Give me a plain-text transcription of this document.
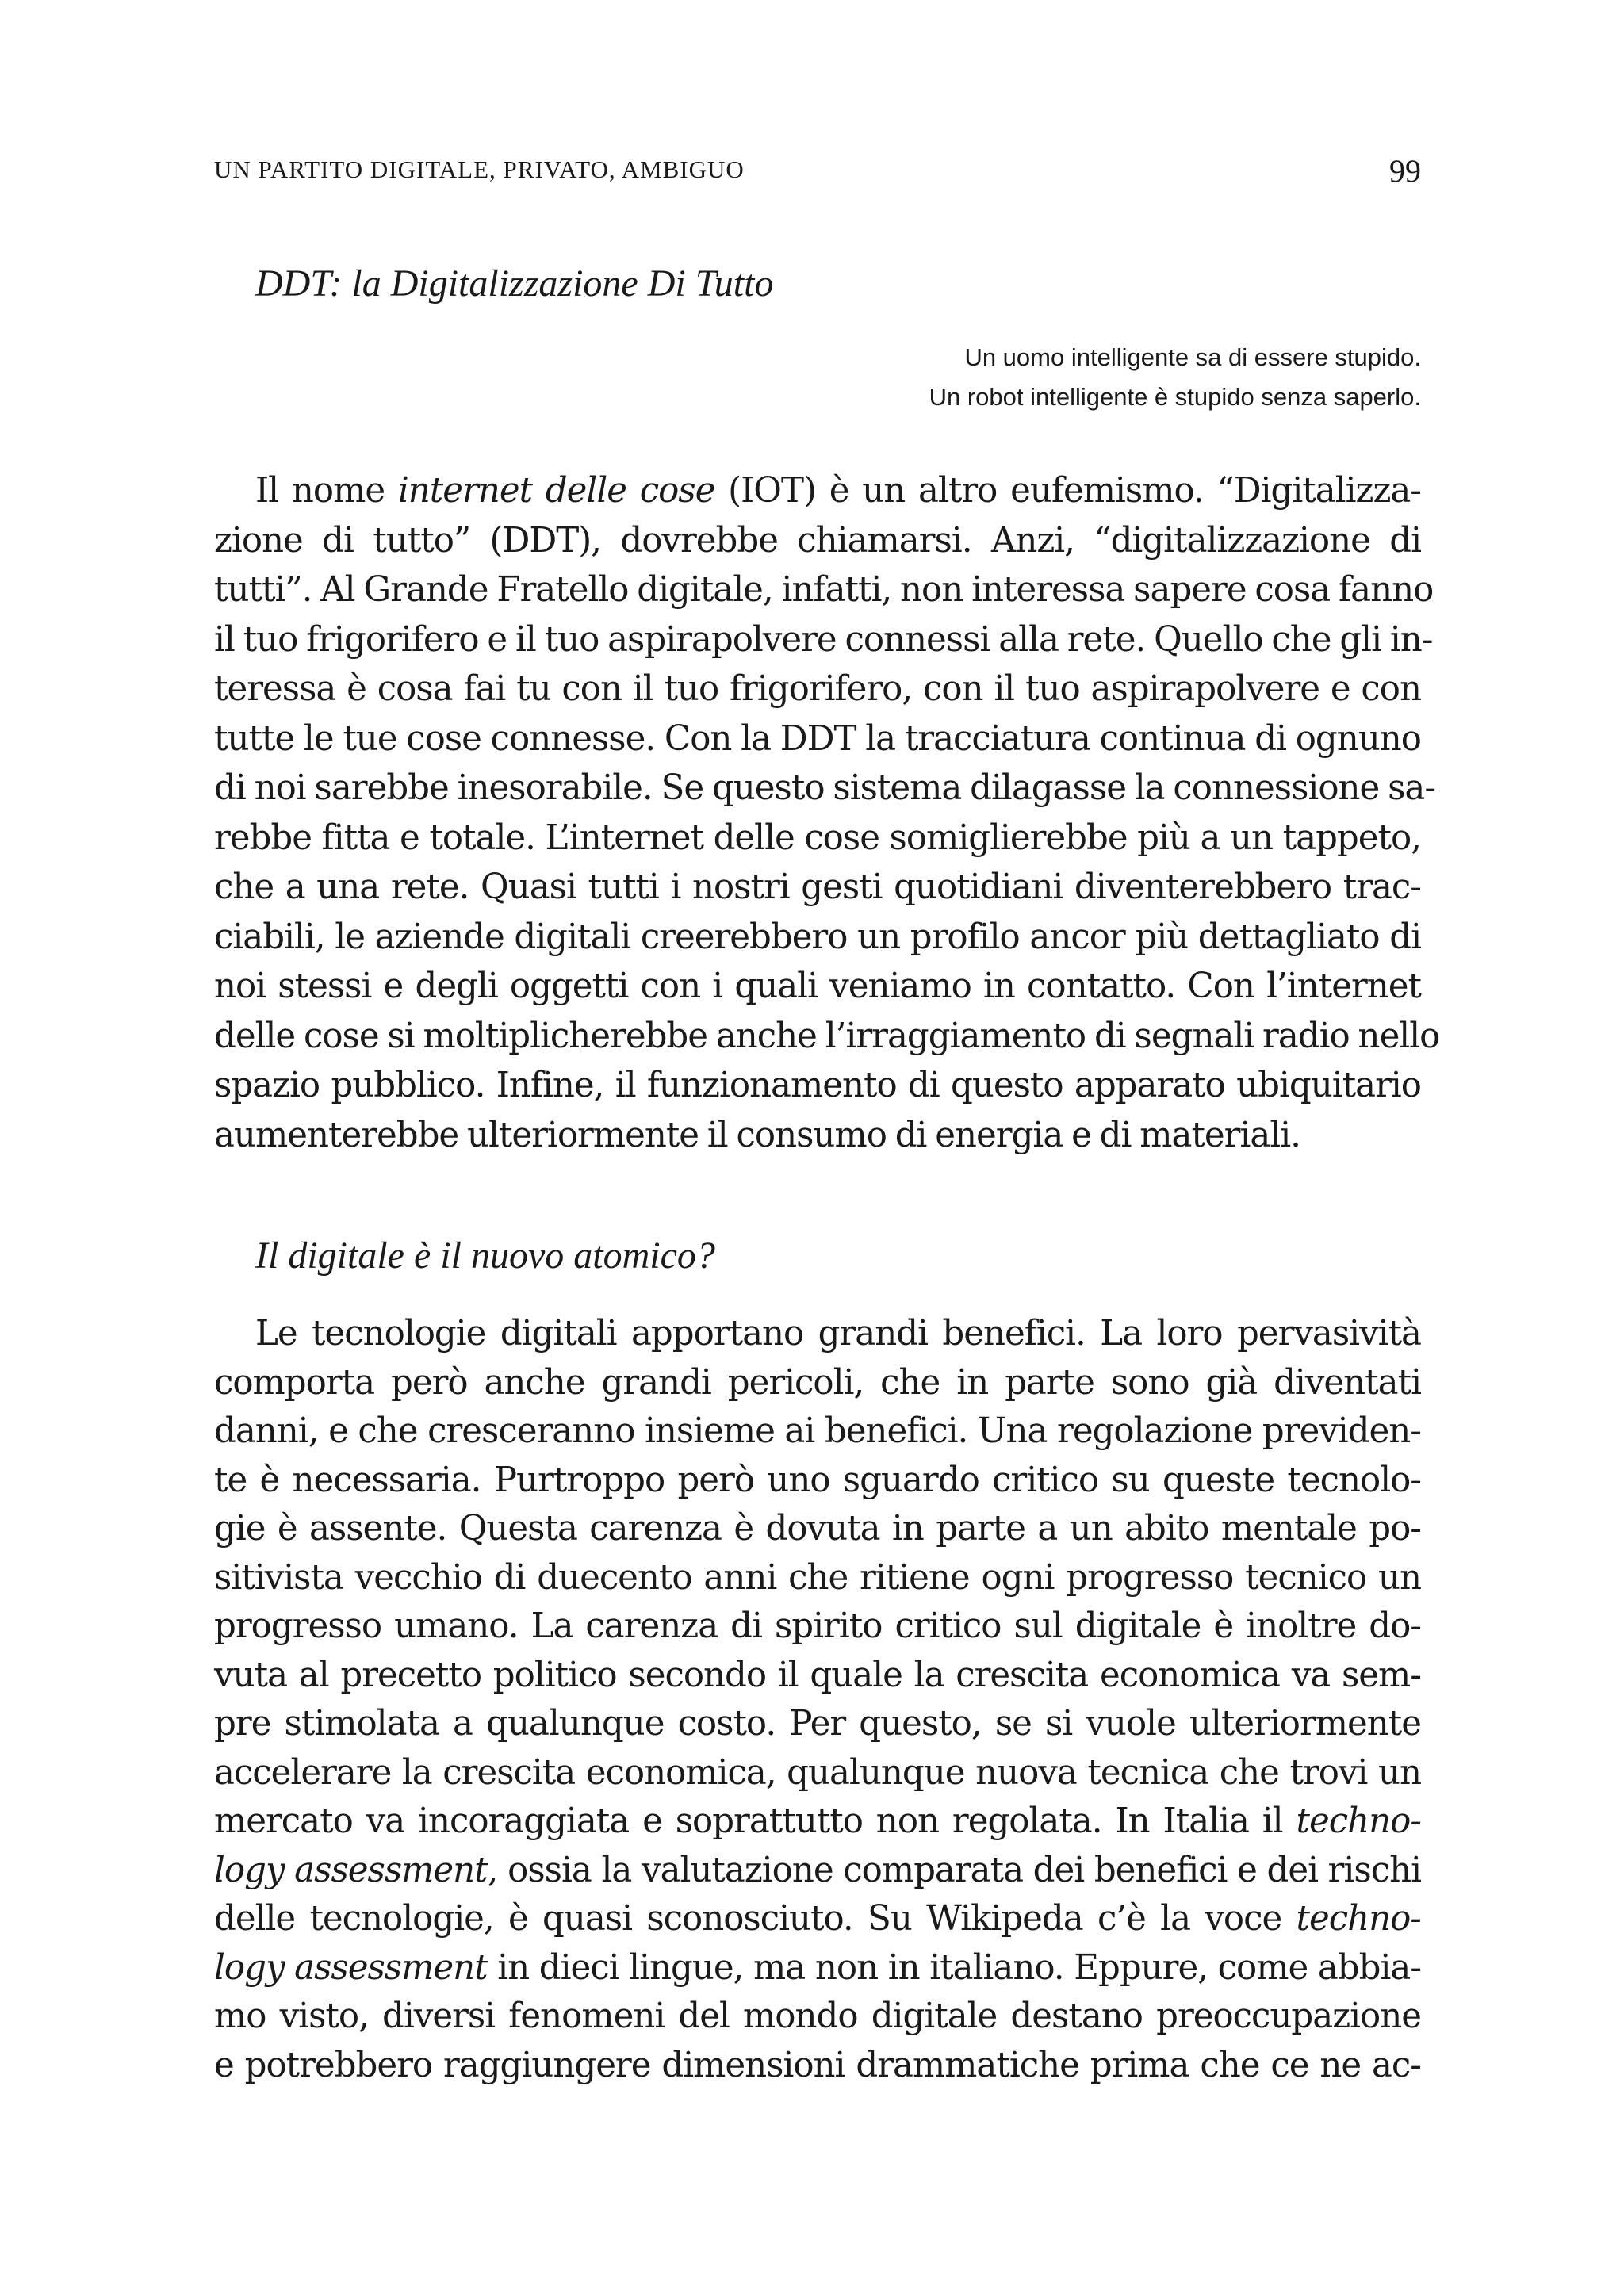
UN PARTITO DIGITALE, PRIVATO, AMBIGUO	99
DDT: la Digitalizzazione Di Tutto
Un uomo intelligente sa di essere stupido.
Un robot intelligente è stupido senza saperlo.
Il nome internet delle cose (IOT) è un altro eufemismo. “Digitalizza-
zione di tutto” (DDT), dovrebbe chiamarsi. Anzi, “digitalizzazione di
tutti”. Al Grande Fratello digitale, infatti, non interessa sapere cosa fanno
il tuo frigorifero e il tuo aspirapolvere connessi alla rete. Quello che gli in-
teressa è cosa fai tu con il tuo frigorifero, con il tuo aspirapolvere e con
tutte le tue cose connesse. Con la DDT la tracciatura continua di ognuno
di noi sarebbe inesorabile. Se questo sistema dilagasse la connessione sa-
rebbe fitta e totale. L’internet delle cose somiglierebbe più a un tappeto,
che a una rete. Quasi tutti i nostri gesti quotidiani diventerebbero trac-
ciabili, le aziende digitali creerebbero un profilo ancor più dettagliato di
noi stessi e degli oggetti con i quali veniamo in contatto. Con l’internet
delle cose si moltiplicherebbe anche l’irraggiamento di segnali radio nello
spazio pubblico. Infine, il funzionamento di questo apparato ubiquitario
aumenterebbe ulteriormente il consumo di energia e di materiali.
Il digitale è il nuovo atomico?
Le tecnologie digitali apportano grandi benefici. La loro pervasività
comporta però anche grandi pericoli, che in parte sono già diventati
danni, e che cresceranno insieme ai benefici. Una regolazione previden-
te è necessaria. Purtroppo però uno sguardo critico su queste tecnolo-
gie è assente. Questa carenza è dovuta in parte a un abito mentale po-
sitivista vecchio di duecento anni che ritiene ogni progresso tecnico un
progresso umano. La carenza di spirito critico sul digitale è inoltre do-
vuta al precetto politico secondo il quale la crescita economica va sem-
pre stimolata a qualunque costo. Per questo, se si vuole ulteriormente
accelerare la crescita economica, qualunque nuova tecnica che trovi un
mercato va incoraggiata e soprattutto non regolata. In Italia il techno-
logy assessment, ossia la valutazione comparata dei benefici e dei rischi
delle tecnologie, è quasi sconosciuto. Su Wikipeda c’è la voce techno-
logy assessment in dieci lingue, ma non in italiano. Eppure, come abbia-
mo visto, diversi fenomeni del mondo digitale destano preoccupazione
e potrebbero raggiungere dimensioni drammatiche prima che ce ne ac-
